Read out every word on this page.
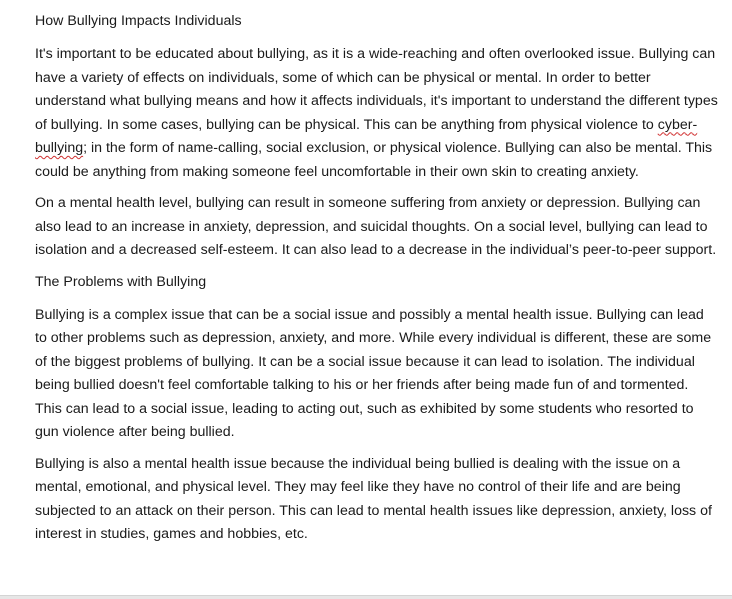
How Bullying Impacts Individuals

It's important to be educated about bullying, as it is a wide-reaching and often overlooked issue. Bullying can have a variety of effects on individuals, some of which can be physical or mental. In order to better understand what bullying means and how it affects individuals, it's important to understand the different types of bullying. In some cases, bullying can be physical. This can be anything from physical violence to cyber-bullying; in the form of name-calling, social exclusion, or physical violence. Bullying can also be mental. This could be anything from making someone feel uncomfortable in their own skin to creating anxiety.

On a mental health level, bullying can result in someone suffering from anxiety or depression. Bullying can also lead to an increase in anxiety, depression, and suicidal thoughts. On a social level, bullying can lead to isolation and a decreased self-esteem. It can also lead to a decrease in the individual’s peer-to-peer support.

The Problems with Bullying

Bullying is a complex issue that can be a social issue and possibly a mental health issue. Bullying can lead to other problems such as depression, anxiety, and more. While every individual is different, these are some of the biggest problems of bullying. It can be a social issue because it can lead to isolation. The individual being bullied doesn't feel comfortable talking to his or her friends after being made fun of and tormented. This can lead to a social issue, leading to acting out, such as exhibited by some students who resorted to gun violence after being bullied.

Bullying is also a mental health issue because the individual being bullied is dealing with the issue on a mental, emotional, and physical level. They may feel like they have no control of their life and are being subjected to an attack on their person. This can lead to mental health issues like depression, anxiety, loss of interest in studies, games and hobbies, etc.
